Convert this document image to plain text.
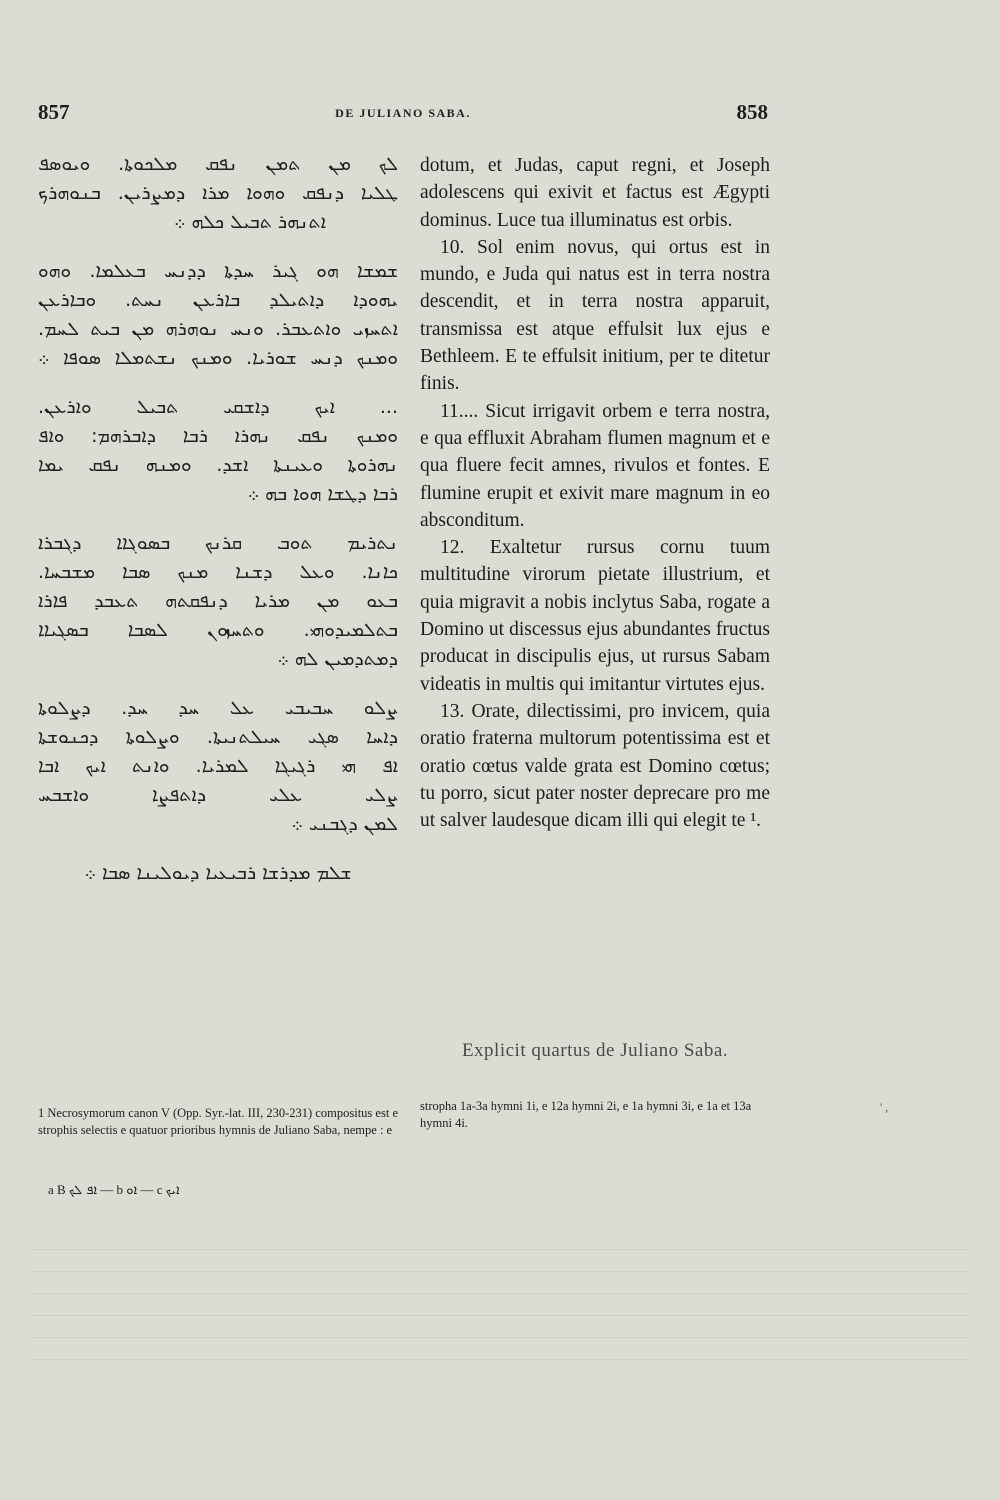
857	DE JULIANO SABA.	858
ܠܟ ܡܢ ܬܡܢ ܢܦܩ ܡܠܟܘܬܐ. ܘܝܘܣܦ
ܛܠܝܐ ܕܢܦܩ ܘܗܘܐ ܡܪܐ ܕܡܨܪܝܢ. ܒܢܘܗܪܟ
ܐܬܢܗܪ ܬܒܝܠ ܟܠܗ ܀
ܫܡܫܐ ܗܘ ܓܝܪ ܚܕܬܐ ܕܕܢܚ ܒܥܠܡܐ. ܘܗܘ
ܝܗܘܕܐ ܕܐܬܝܠܕ ܒܐܪܥܢ ܢܚܬ. ܘܒܐܪܥܢ
ܐܬܚܙܝ ܘܐܬܥܒܪ. ܘܢܚ ܢܘܗܪܗ ܡܢ ܒܝܬ ܠܚܡ.
ܘܡܢܟ ܕܢܚ ܫܘܪܝܐ. ܘܡܢܟ ܢܫܬܡܠܐ ܣܘܦܐ ܀
... ܐܝܟ ܕܐܫܩܝ ܬܒܝܠ ܘܐܪܥܢ.
ܘܡܢܟ ܢܦܩ ܢܗܪܐ ܪܒܐ ܕܐܒܪܗܡ: ܘܐܦ
ܢܗܪܘܬܐ ܘܥܝܢܬܐ ܐܫܕ. ܘܡܢܗ ܢܦܩ ܝܡܐ
ܪܒܐ ܕܛܫܐ ܗܘܐ ܒܗ ܀
ܢܬܪܝܡ ܬܘܒ ܩܪܢܟ ܒܣܘܓܐܐ ܕܓܒܪܐ
ܟܐܢܐ. ܘܥܠ ܕܫܢܐ ܡܢܟ ܣܒܐ ܡܫܒܚܐ.
ܒܥܘ ܡܢ ܡܪܝܐ ܕܢܦܩܬܗ ܬܥܒܕ ܦܐܪܐ
ܒܬܠܡܝܕܘܗܝ. ܘܬܚܙܘܢ ܠܣܒܐ ܒܣܓܝܐܐ
ܕܡܬܕܡܝܢ ܠܗ ܀
ܨܠܘ ܚܒܝܒܝ ܥܠ ܚܕ ܚܕ. ܕܨܠܘܬܐ
ܕܐܚܐ ܣܓܝ ܚܝܠܬܢܝܬܐ. ܘܨܠܘܬܐ ܕܟܢܘܫܬܐ
ܐܦ ܗܝ ܪܓܝܓܐ ܠܡܪܝܐ. ܘܐܢܬ ܐܝܟ ܐܒܐ
ܨܠܝ ܥܠܝ ܕܐܬܦܨܐ ܘܐܫܒܚ
ܠܡܢ ܕܓܒܢܝ ܀
ܫܠܡ ܡܕܪܫܐ ܪܒܝܥܝܐ ܕܝܘܠܝܢܐ ܣܒܐ ܀
1 Necrosymorum canon V (Opp. Syr.-lat. III, 230-231) compositus est e strophis selectis e quatuor prioribus hymnis de Juliano Saba, nempe : e
a B ܐܦ ܠܟ — b ܐܘ — c ܐܝܟ

dotum, et Judas, caput regni, et Joseph adolescens qui exivit et factus est Ægypti dominus. Luce tua illuminatus est orbis.

10. Sol enim novus, qui ortus est in mundo, e Juda qui natus est in terra nostra descendit, et in terra nostra apparuit, transmissa est atque effulsit lux ejus e Bethleem. E te effulsit initium, per te ditetur finis.

11.... Sicut irrigavit orbem e terra nostra, e qua effluxit Abraham flumen magnum et e qua fluere fecit amnes, rivulos et fontes. E flumine erupit et exivit mare magnum in eo absconditum.

12. Exaltetur rursus cornu tuum multitudine virorum pietate illustrium, et quia migravit a nobis inclytus Saba, rogate a Domino ut discessus ejus abundantes fructus producat in discipulis ejus, ut rursus Sabam videatis in multis qui imitantur virtutes ejus.

13. Orate, dilectissimi, pro invicem, quia oratio fraterna multorum potentissima est et oratio cœtus valde grata est Domino cœtus; tu porro, sicut pater noster deprecare pro me ut salver laudesque dicam illi qui elegit te ¹.

Explicit quartus de Juliano Saba.
stropha 1a-3a hymni 1i, e 12a hymni 2i, e 1a hymni 3i, e 1a et 13a hymni 4i.
' ,
